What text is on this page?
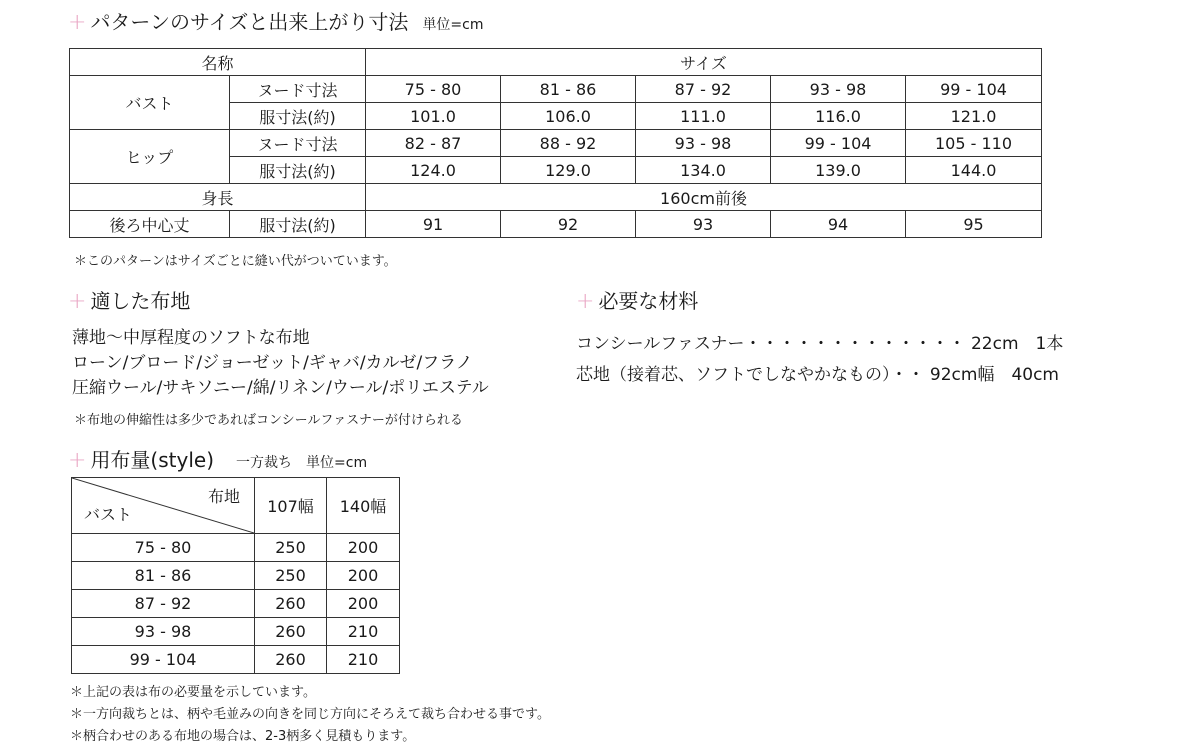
+ パターンのサイズと出来上がり寸法 単位=cm
名称		サイズ				
バスト	ヌード寸法	75 - 80	81 - 86	87 - 92	93 - 98	99 - 104
	服寸法(約)	101.0	106.0	111.0	116.0	121.0
ヒップ	ヌード寸法	82 - 87	88 - 92	93 - 98	99 - 104	105 - 110
	服寸法(約)	124.0	129.0	134.0	139.0	144.0
身長		160cm前後				
後ろ中心丈	服寸法(約)	91	92	93	94	95
＊このパターンはサイズごとに縫い代がついています。
+ 適した布地
薄地〜中厚程度のソフトな布地
ローン/ブロード/ジョーゼット/ギャバ/カルゼ/フラノ
圧縮ウール/サキソニー/綿/リネン/ウール/ポリエステル
＊布地の伸縮性は多少であればコンシールファスナーが付けられる
+ 必要な材料
コンシールファスナー・・・・・・・・・・・・・ 22cm　1本
芯地（接着芯、ソフトでしなやかなもの）・・ 92cm幅　40cm
+ 用布量(style) 一方裁ち 単位=cm
布地
バスト	107幅	140幅
75 - 80	250	200
81 - 86	250	200
87 - 92	260	200
93 - 98	260	210
99 - 104	260	210
＊上記の表は布の必要量を示しています。
＊一方向裁ちとは、柄や毛並みの向きを同じ方向にそろえて裁ち合わせる事です。
＊柄合わせのある布地の場合は、2-3柄多く見積もります。
